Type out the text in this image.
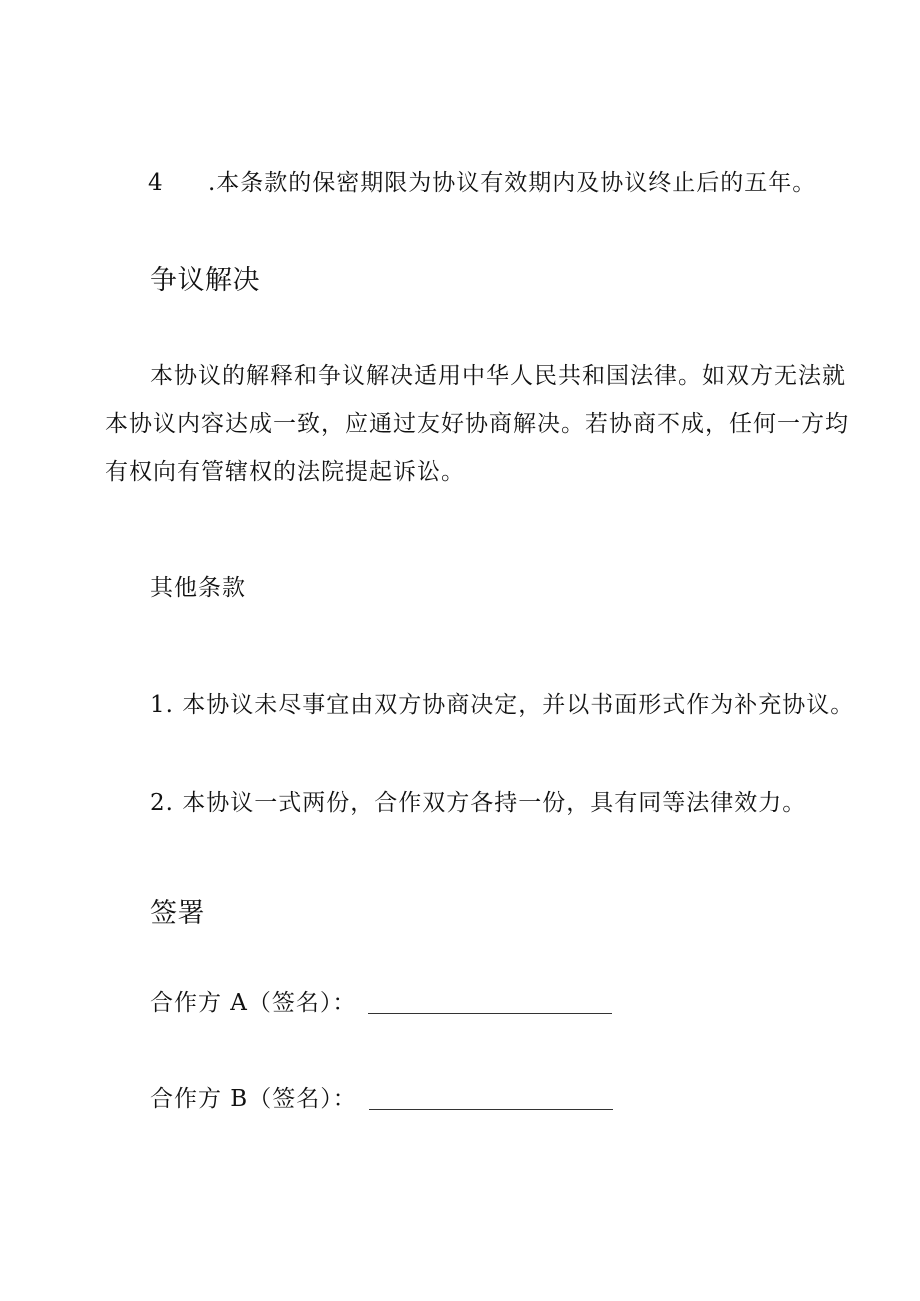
4 .本条款的保密期限为协议有效期内及协议终止后的五年。
争议解决
本协议的解释和争议解决适用中华人民共和国法律。如双方无法就
本协议内容达成一致，应通过友好协商解决。若协商不成，任何一方均
有权向有管辖权的法院提起诉讼。
其他条款
1. 本协议未尽事宜由双方协商决定，并以书面形式作为补充协议。
2. 本协议一式两份，合作双方各持一份，具有同等法律效力。
签署
合作方 A（签名）：
合作方 B（签名）：
